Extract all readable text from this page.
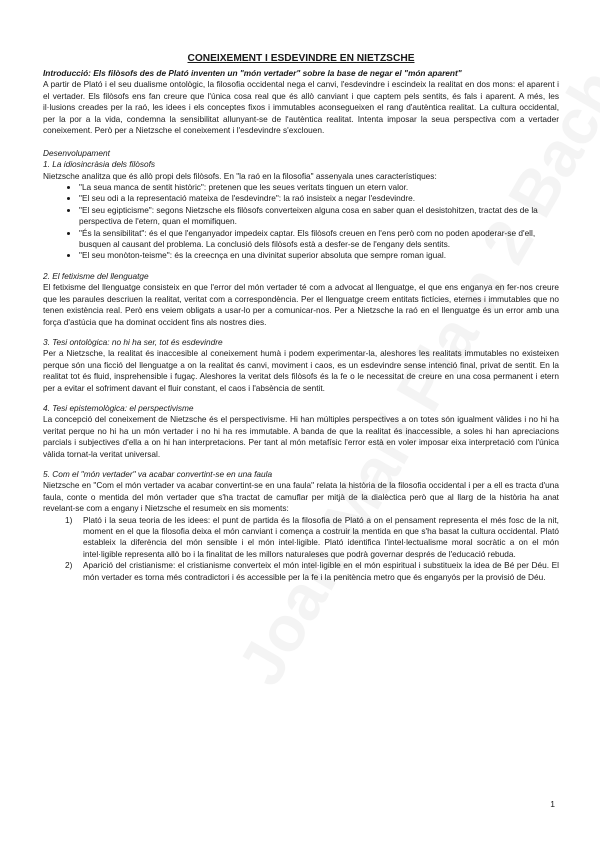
CONEIXEMENT I ESDEVINDRE EN NIETZSCHE

Introducció: Els filòsofs des de Plató inventen un "món vertader" sobre la base de negar el "món aparent"

A partir de Plató i el seu dualisme ontològic, la filosofia occidental nega el canvi, l'esdevindre i escindeix la realitat en dos mons: el aparent i el vertader. Els filòsofs ens fan creure que l'única cosa real que és allò canviant i que captem pels sentits, és fals i aparent. A més, les il·lusions creades per la raó, les idees i els conceptes fixos i immutables aconsegueixen el rang d'autèntica realitat. La cultura occidental, per la por a la vida, condemna la sensibilitat allunyant-se de l'autèntica realitat. Intenta imposar la seua perspectiva com a vertader coneixement. Però per a Nietzsche el coneixement i l'esdevindre s'exclouen.

Desenvolupament

1. La idiosincràsia dels filòsofs

Nietzsche analitza que és allò propi dels filòsofs. En "la raó en la filosofia" assenyala unes característiques:

• "La seua manca de sentit històric": pretenen que les seues veritats tinguen un etern valor.
• "El seu odi a la representació mateixa de l'esdevindre": la raó insisteix a negar l'esdevindre.
• "El seu egipticisme": segons Nietzsche els filòsofs converteixen alguna cosa en saber quan el desistohitzen, tractat des de la perspectiva de l'etern, quan el momifiquen.
• "És la sensibilitat": és el que l'enganyador impedeix captar. Els filòsofs creuen en l'ens però com no poden apoderar-se d'ell, busquen al causant del problema. La conclusió dels filòsofs està a desfer-se de l'engany dels sentits.
• "El seu monòton-teisme": és la creecnça en una divinitat superior absoluta que sempre roman igual.

2. El fetixisme del llenguatge

El fetixisme del llenguatge consisteix en que l'error del món vertader té com a advocat al llenguatge, el que ens enganya en fer-nos creure que les paraules descriuen la realitat, veritat com a correspondència. Per el llenguatge creem entitats fictícies, eternes i immutables que no tenen existència real. Però ens veiem obligats a usar-lo per a comunicar-nos. Per a Nietzsche la raó en el llenguatge és un error amb una força d'astúcia que ha dominat occident fins als nostres dies.

3. Tesi ontològica: no hi ha ser, tot és esdevindre

Per a Nietzsche, la realitat és inaccesible al coneixement humà i podem experimentar-la, aleshores les realitats immutables no existeixen perque són una ficció del llenguatge a on la realitat és canvi, moviment i caos, es un esdevindre sense intenció final, privat de sentit. En la realitat tot és fluid, insprehensible i fugaç. Aleshores la veritat dels filòsofs és la fe o le necessitat de creure en una cosa permanent i etern per a evitar el sofriment davant el fluir constant, el caos i l'absència de sentit.

4. Tesi epistemològica: el perspectivisme

La concepció del coneixement de Nietzsche és el perspectivisme. Hi han múltiples perspectives a on totes són igualment vàlides i no hi ha veritat perque no hi ha un món vertader i no hi ha res immutable. A banda de que la realitat és inaccessible, a soles hi han apreciacions parcials i subjectives d'ella a on hi han interpretacions. Per tant al món metafísic l'error està en voler imposar eixa interpretació com l'única vàlida tornat-la veritat universal.

5. Com el "món vertader" va acabar convertint-se en una faula

Nietzsche en "Com el món vertader va acabar convertint-se en una faula" relata la història de la filosofia occidental i per a ell es tracta d'una faula, conte o mentida del món vertader que s'ha tractat de camuflar per mitjà de la dialèctica però que al llarg de la història ha anat revelant-se com a engany i Nietzsche el resumeix en sis moments:

1) Plató i la seua teoria de les idees: el punt de partida és la filosofia de Plató a on el pensament representa el més fosc de la nit, moment en el que la filosofia deixa el món canviant i comença a costruir la mentida en que s'ha basat la cultura occidental. Plató estableix la diferència del món sensible i el món intel·ligible. Plató identifica l'intel·lectualisme moral socràtic a on el món intel·ligible representa allò bo i la finalitat de les millors naturaleses que podrà governar després de l'educació rebuda.

2) Aparició del cristianisme: el cristianisme converteix el món intel·ligible en el món espiritual i substitueix la idea de Bé per Déu. El món vertader es torna més contradictori i és accessible per la fe i la penitència metro que és enganyós per la provisió de Déu.

1
